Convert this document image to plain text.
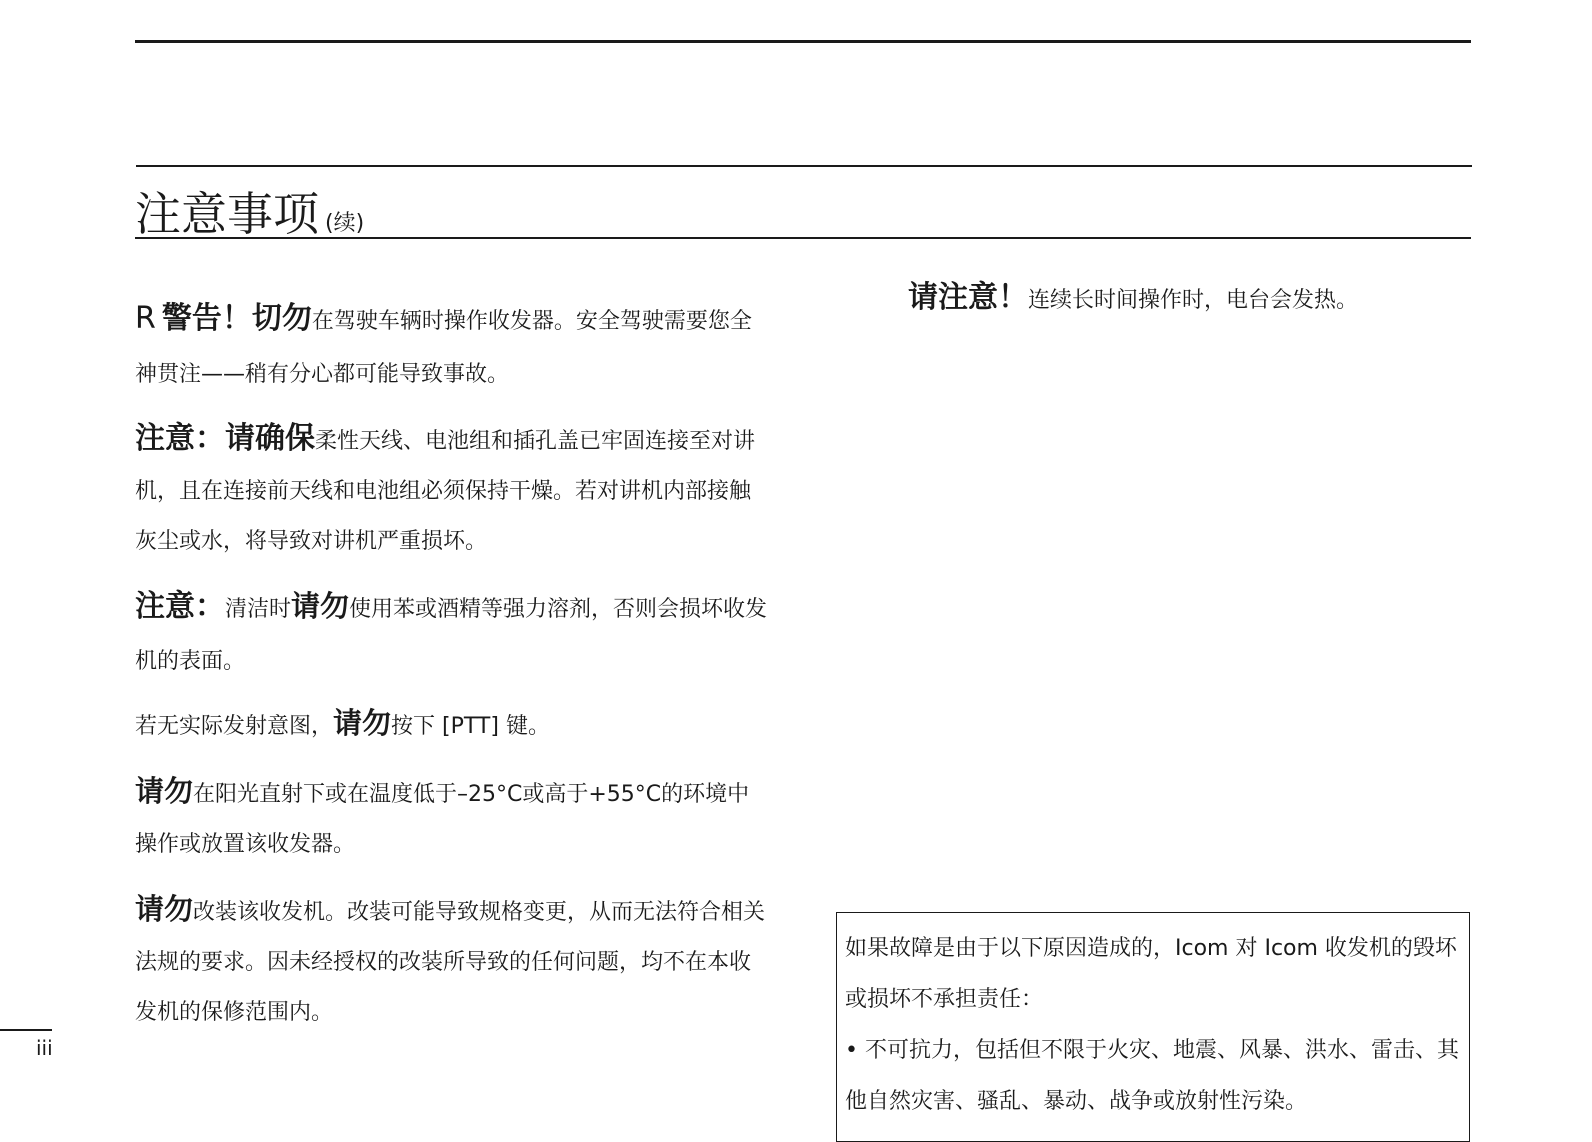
注意事项 (续)

R 警告！切勿在驾驶车辆时操作收发器。安全驾驶需要您全神贯注——稍有分心都可能导致事故。

注意：请确保柔性天线、电池组和插孔盖已牢固连接至对讲机，且在连接前天线和电池组必须保持干燥。若对讲机内部接触灰尘或水，将导致对讲机严重损坏。

注意：清洁时请勿使用苯或酒精等强力溶剂，否则会损坏收发机的表面。

若无实际发射意图，请勿按下 [PTT] 键。

请勿在阳光直射下或在温度低于–25°C或高于+55°C的环境中操作或放置该收发器。

请勿改装该收发机。改装可能导致规格变更，从而无法符合相关法规的要求。因未经授权的改装所导致的任何问题，均不在本收发机的保修范围内。

请注意！连续长时间操作时，电台会发热。

如果故障是由于以下原因造成的，Icom 对 Icom 收发机的毁坏或损坏不承担责任：

• 不可抗力，包括但不限于火灾、地震、风暴、洪水、雷击、其他自然灾害、骚乱、暴动、战争或放射性污染。

iii
